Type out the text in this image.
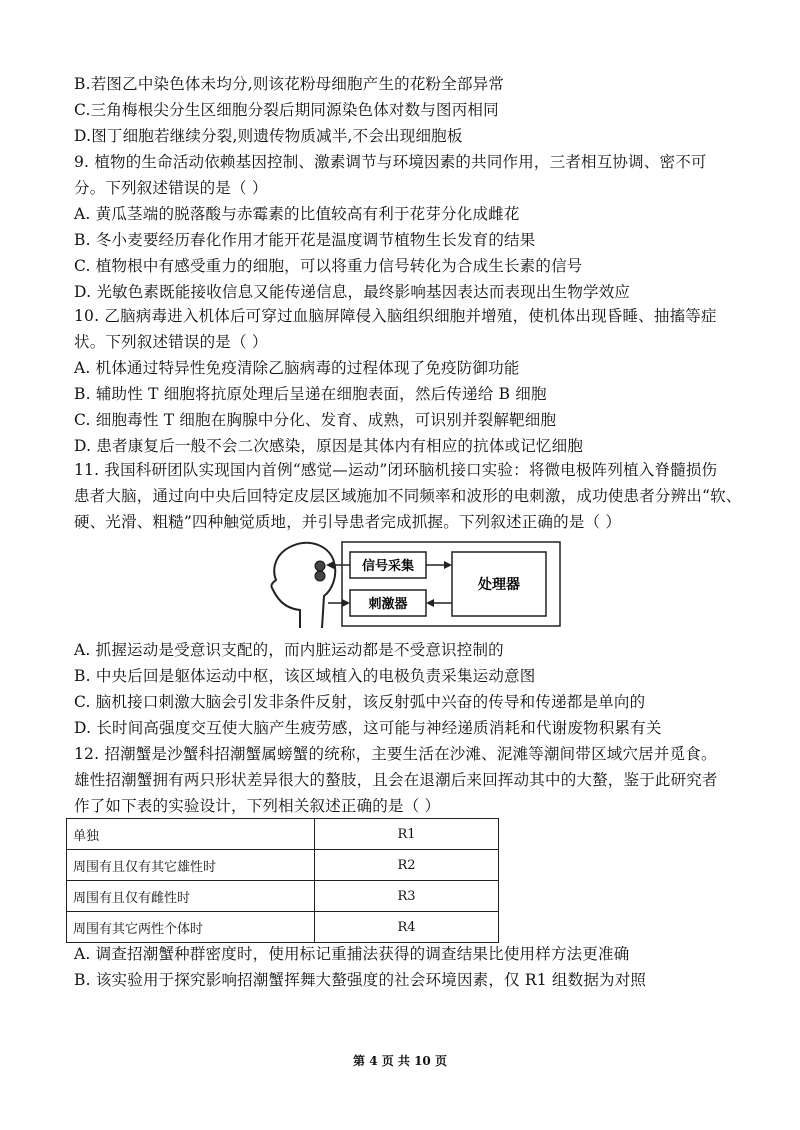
B.若图乙中染色体未均分,则该花粉母细胞产生的花粉全部异常
C.三角梅根尖分生区细胞分裂后期同源染色体对数与图丙相同
D.图丁细胞若继续分裂,则遗传物质减半,不会出现细胞板
9. 植物的生命活动依赖基因控制、激素调节与环境因素的共同作用，三者相互协调、密不可
分。下列叙述错误的是（ ）
A. 黄瓜茎端的脱落酸与赤霉素的比值较高有利于花芽分化成雌花
B. 冬小麦要经历春化作用才能开花是温度调节植物生长发育的结果
C. 植物根中有感受重力的细胞，可以将重力信号转化为合成生长素的信号
D. 光敏色素既能接收信息又能传递信息，最终影响基因表达而表现出生物学效应
10. 乙脑病毒进入机体后可穿过血脑屏障侵入脑组织细胞并增殖，使机体出现昏睡、抽搐等症
状。下列叙述错误的是（ ）
A. 机体通过特异性免疫清除乙脑病毒的过程体现了免疫防御功能
B. 辅助性 T 细胞将抗原处理后呈递在细胞表面，然后传递给 B 细胞
C. 细胞毒性 T 细胞在胸腺中分化、发育、成熟，可识别并裂解靶细胞
D. 患者康复后一般不会二次感染，原因是其体内有相应的抗体或记忆细胞
11. 我国科研团队实现国内首例“感觉—运动”闭环脑机接口实验：将微电极阵列植入脊髓损伤
患者大脑，通过向中央后回特定皮层区域施加不同频率和波形的电刺激，成功使患者分辨出“软、
硬、光滑、粗糙”四种触觉质地，并引导患者完成抓握。下列叙述正确的是（ ）
信号采集
刺激器
处理器
A. 抓握运动是受意识支配的，而内脏运动都是不受意识控制的
B. 中央后回是躯体运动中枢，该区域植入的电极负责采集运动意图
C. 脑机接口刺激大脑会引发非条件反射，该反射弧中兴奋的传导和传递都是单向的
D. 长时间高强度交互使大脑产生疲劳感，这可能与神经递质消耗和代谢废物积累有关
12. 招潮蟹是沙蟹科招潮蟹属螃蟹的统称，主要生活在沙滩、泥滩等潮间带区域穴居并觅食。
雄性招潮蟹拥有两只形状差异很大的螯肢，且会在退潮后来回挥动其中的大螯，鉴于此研究者
作了如下表的实验设计，下列相关叙述正确的是（ ）
单独	R1
周围有且仅有其它雄性时	R2
周围有且仅有雌性时	R3
周围有其它两性个体时	R4
A. 调查招潮蟹种群密度时，使用标记重捕法获得的调查结果比使用样方法更准确
B. 该实验用于探究影响招潮蟹挥舞大螯强度的社会环境因素，仅 R1 组数据为对照
第 4 页 共 10 页
